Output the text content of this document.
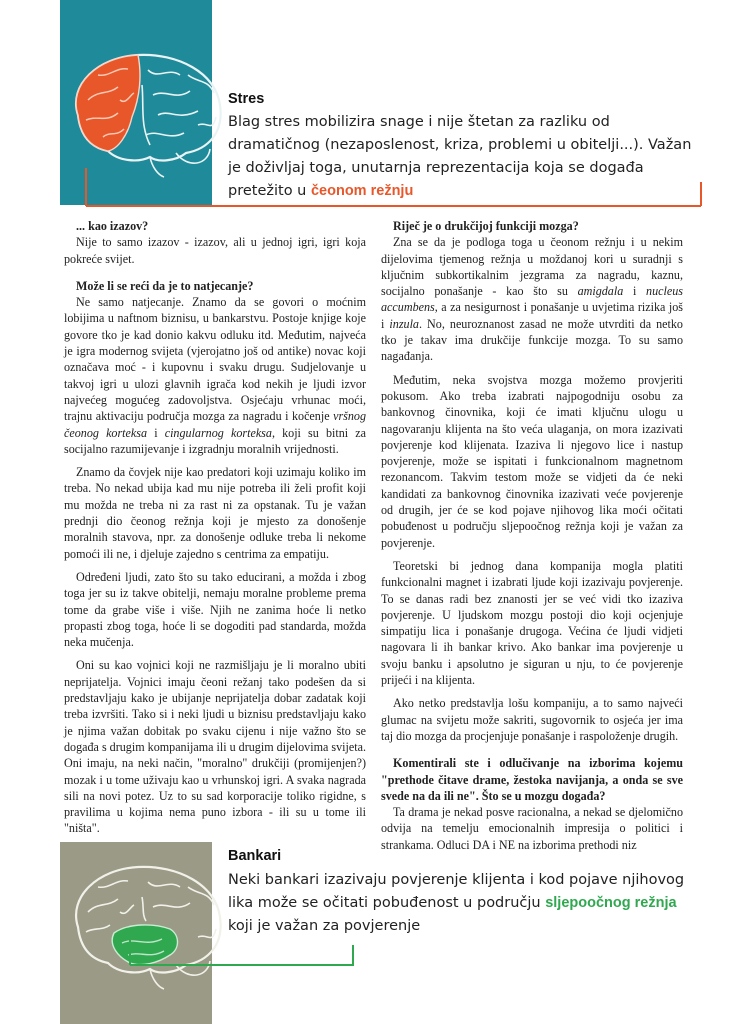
Stres
Blag stres mobilizira snage i nije štetan za razliku od dramatičnog (nezaposlenost, kriza, problemi u obitelji...). Važan je doživljaj toga, unutarnja reprezentacija koja se događa pretežito u čeonom režnju
... kao izazov?

Nije to samo izazov - izazov, ali u jednoj igri, igri koja pokreće svijet.

Može li se reći da je to natjecanje?

Ne samo natjecanje. Znamo da se govori o moćnim lobijima u naftnom biznisu, u bankarstvu. Postoje knjige koje govore tko je kad donio kakvu odluku itd. Međutim, najveća je igra modernog svijeta (vjerojatno još od antike) novac koji označava moć - i kupovnu i svaku drugu. Sudjelovanje u takvoj igri u ulozi glavnih igrača kod nekih je ljudi izvor najvećeg mogućeg zadovoljstva. Osjećaju vrhunac moći, trajnu aktivaciju područja mozga za nagradu i kočenje vršnog čeonog korteksa i cingularnog korteksa, koji su bitni za socijalno razumijevanje i izgradnju moralnih vrijednosti.

Znamo da čovjek nije kao predatori koji uzimaju koliko im treba. No nekad ubija kad mu nije potreba ili želi profit koji mu možda ne treba ni za rast ni za opstanak. Tu je važan prednji dio čeonog režnja koji je mjesto za donošenje moralnih stavova, npr. za donošenje odluke treba li nekome pomoći ili ne, i djeluje zajedno s centrima za empatiju.

Određeni ljudi, zato što su tako educirani, a možda i zbog toga jer su iz takve obitelji, nemaju moralne probleme prema tome da grabe više i više. Njih ne zanima hoće li netko propasti zbog toga, hoće li se dogoditi pad standarda, možda neka mučenja.

Oni su kao vojnici koji ne razmišljaju je li moralno ubiti neprijatelja. Vojnici imaju čeoni režanj tako podešen da si predstavljaju kako je ubijanje neprijatelja dobar zadatak koji treba izvršiti. Tako si i neki ljudi u biznisu predstavljaju kako je njima važan dobitak po svaku cijenu i nije važno što se događa s drugim kompanijama ili u drugim dijelovima svijeta. Oni imaju, na neki način, "moralno" drukčiji (promijenjen?) mozak i u tome uživaju kao u vrhunskoj igri. A svaka nagrada sili na novi potez. Uz to su sad korporacije toliko rigidne, s pravilima u kojima nema puno izbora - ili su u tome ili "ništa".

Riječ je o drukčijoj funkciji mozga?

Zna se da je podloga toga u čeonom režnju i u nekim dijelovima tjemenog režnja u moždanoj kori u suradnji s ključnim subkortikalnim jezgrama za nagradu, kaznu, socijalno ponašanje - kao što su amigdala i nucleus accumbens, a za nesigurnost i ponašanje u uvjetima rizika još i inzula. No, neuroznanost zasad ne može utvrditi da netko tko je takav ima drukčije funkcije mozga. To su samo nagađanja.

Međutim, neka svojstva mozga možemo provjeriti pokusom. Ako treba izabrati najpogodniju osobu za bankovnog činovnika, koji će imati ključnu ulogu u nagovaranju klijenta na što veća ulaganja, on mora izazivati povjerenje kod klijenata. Izaziva li njegovo lice i nastup povjerenje, može se ispitati i funkcionalnom magnetnom rezonancom. Takvim testom može se vidjeti da će neki kandidati za bankovnog činovnika izazivati veće povjerenje od drugih, jer će se kod pojave njihovog lika moći očitati pobuđenost u području sljepoočnog režnja koji je važan za povjerenje.

Teoretski bi jednog dana kompanija mogla platiti funkcionalni magnet i izabrati ljude koji izazivaju povjerenje. To se danas radi bez znanosti jer se već vidi tko izaziva povjerenje. U ljudskom mozgu postoji dio koji ocjenjuje simpatiju lica i ponašanje drugoga. Većina će ljudi vidjeti nagovara li ih bankar krivo. Ako bankar ima povjerenje u svoju banku i apsolutno je siguran u nju, to će povjerenje prijeći i na klijenta.

Ako netko predstavlja lošu kompaniju, a to samo najveći glumac na svijetu može sakriti, sugovornik to osjeća jer ima taj dio mozga da procjenjuje ponašanje i raspoloženje drugih.

Komentirali ste i odlučivanje na izborima kojemu "prethode čitave drame, žestoka navijanja, a onda se sve svede na da ili ne". Što se u mozgu događa?

Ta drama je nekad posve racionalna, a nekad se djelomično odvija na temelju emocionalnih impresija o politici i strankama. Odluci DA i NE na izborima prethodi niz

Bankari
Neki bankari izazivaju povjerenje klijenta i kod pojave njihovog lika može se očitati pobuđenost u području sljepoočnog režnja koji je važan za povjerenje
